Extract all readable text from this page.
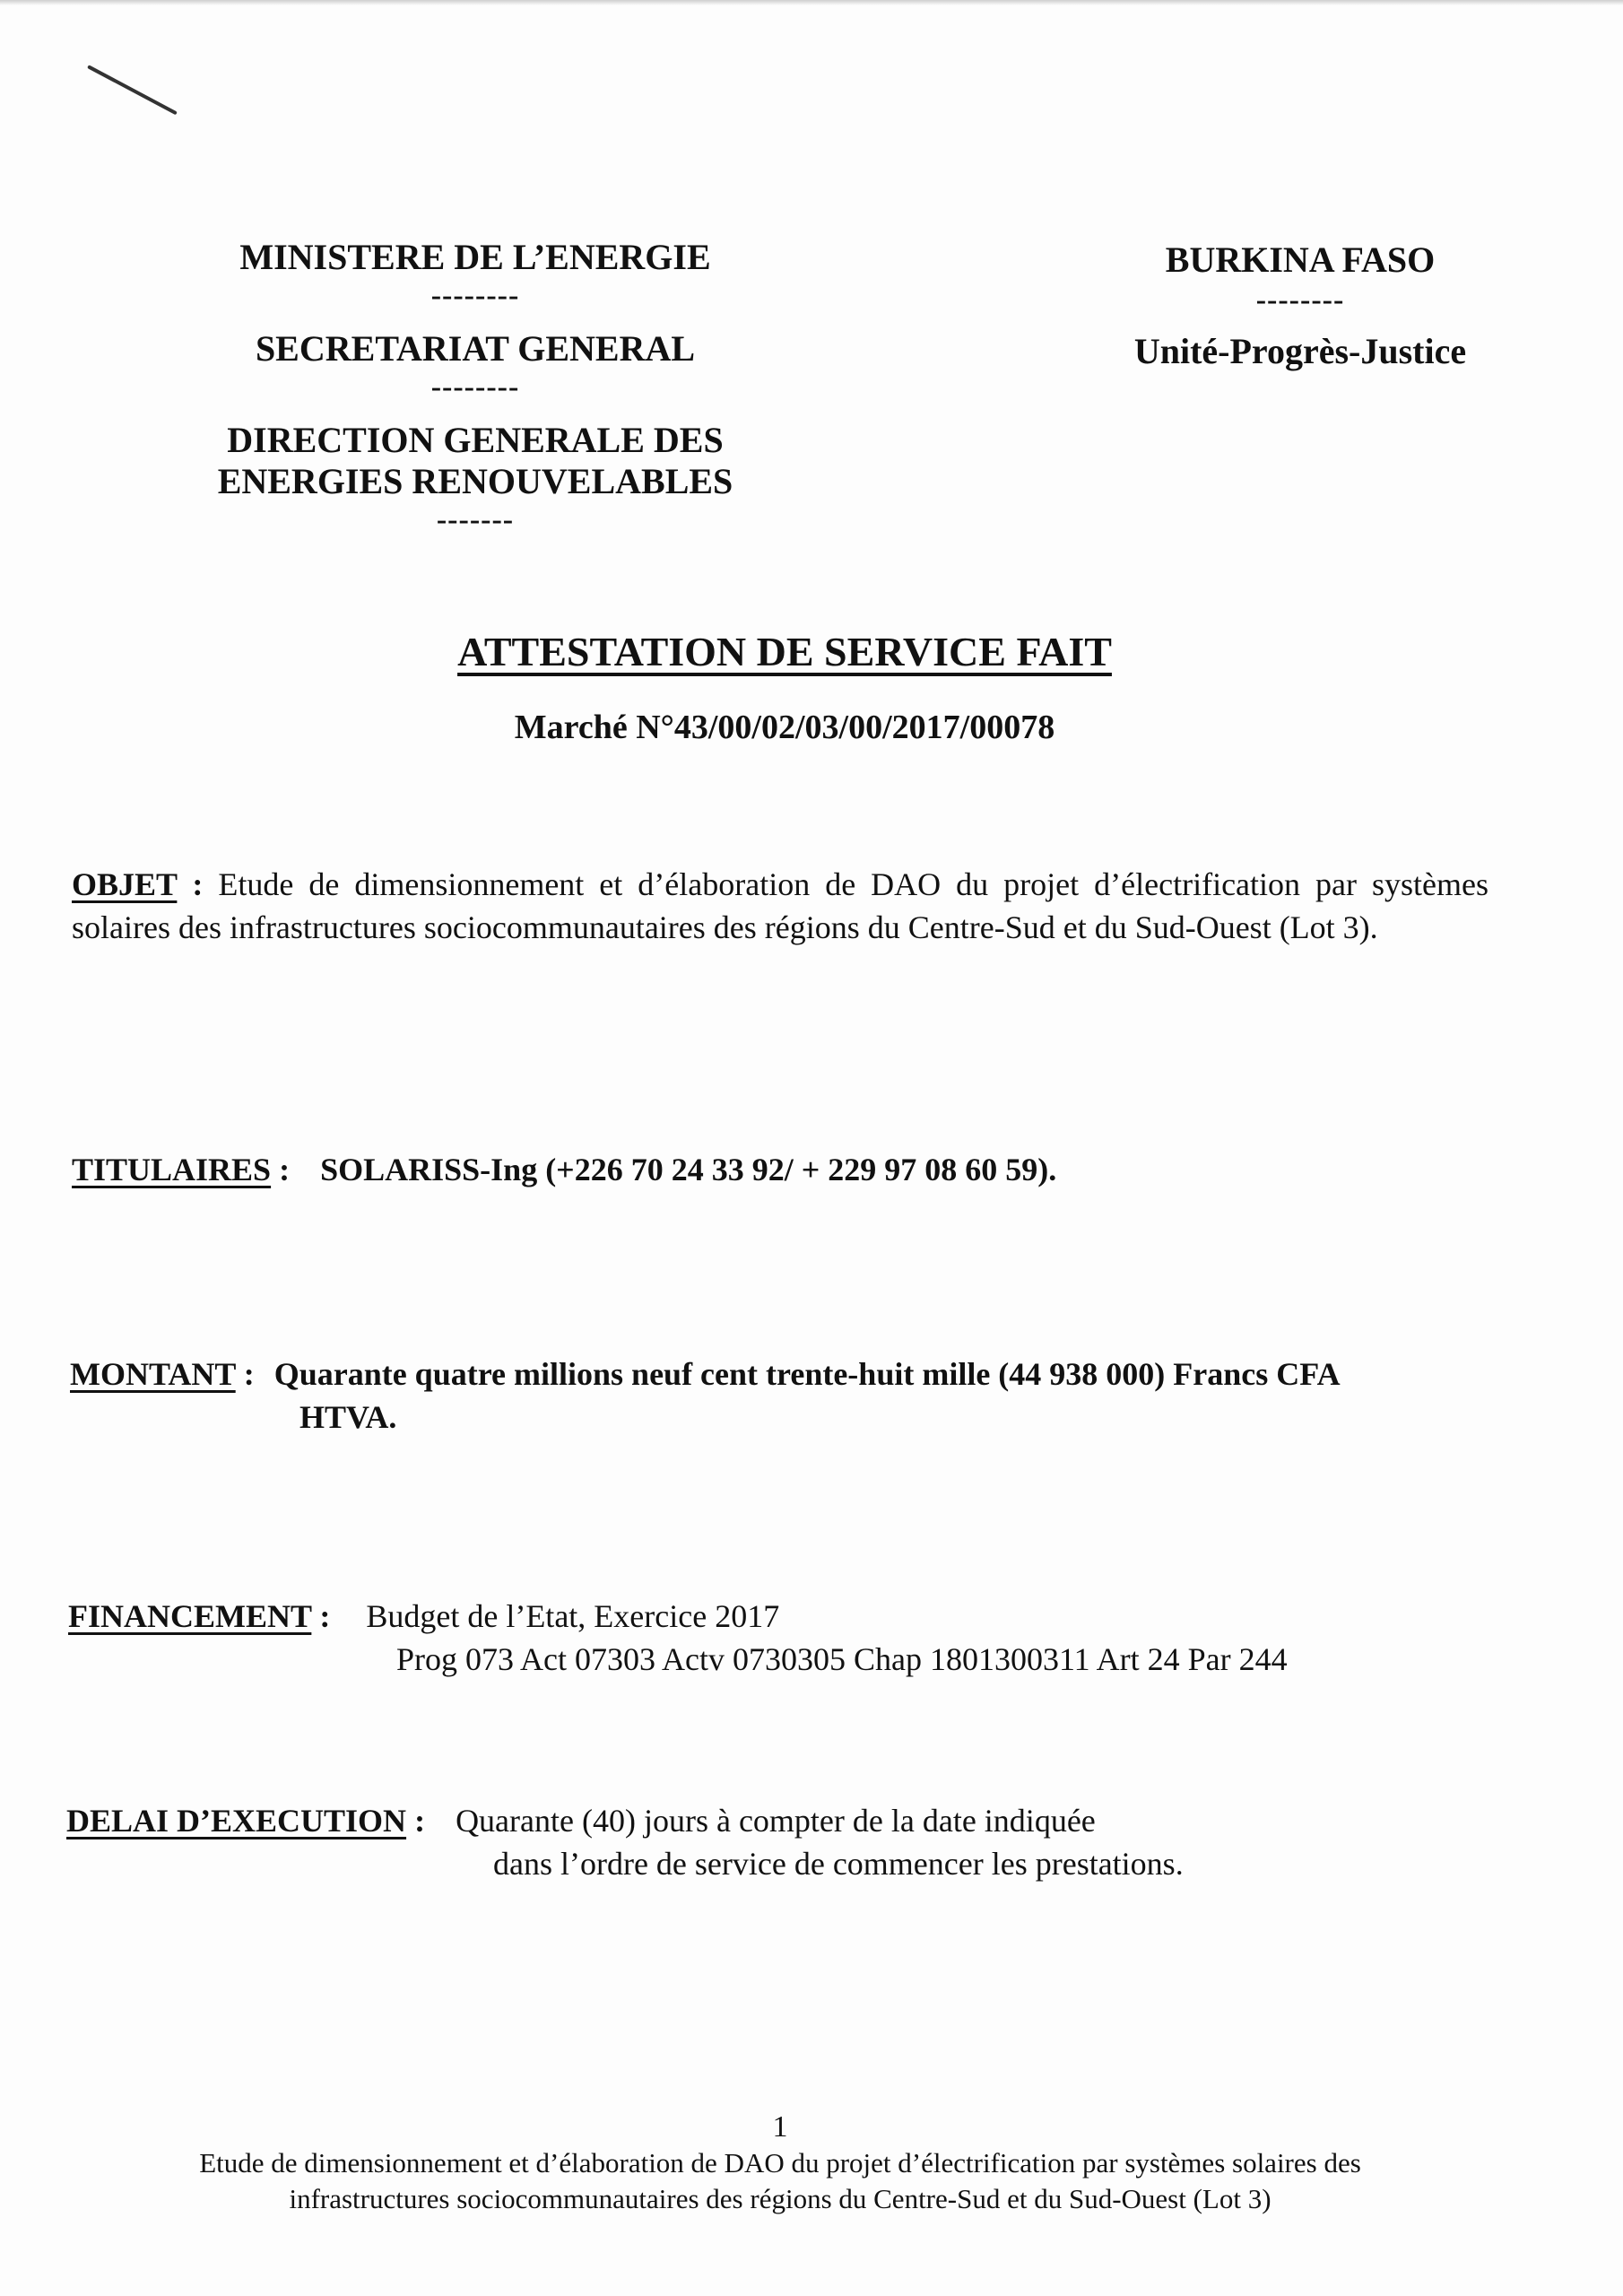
MINISTERE DE L’ENERGIE
--------
SECRETARIAT GENERAL
--------
DIRECTION GENERALE DES
ENERGIES RENOUVELABLES
-------
BURKINA FASO
--------
Unité-Progrès-Justice
ATTESTATION DE SERVICE FAIT
Marché N°43/00/02/03/00/2017/00078
OBJET : Etude de dimensionnement et d’élaboration de DAO du projet d’électrification par systèmes solaires des infrastructures sociocommunautaires des régions du Centre-Sud et du Sud-Ouest (Lot 3).
TITULAIRES : SOLARISS-Ing (+226 70 24 33 92/ + 229 97 08 60 59).
MONTANT : Quarante quatre millions neuf cent trente-huit mille (44 938 000) Francs CFA
HTVA.
FINANCEMENT : Budget de l’Etat, Exercice 2017
Prog 073 Act 07303 Actv 0730305 Chap 1801300311 Art 24 Par 244
DELAI D’EXECUTION : Quarante (40) jours à compter de la date indiquée
dans l’ordre de service de commencer les prestations.
1
Etude de dimensionnement et d’élaboration de DAO du projet d’électrification par systèmes solaires des
infrastructures sociocommunautaires des régions du Centre-Sud et du Sud-Ouest (Lot 3)
